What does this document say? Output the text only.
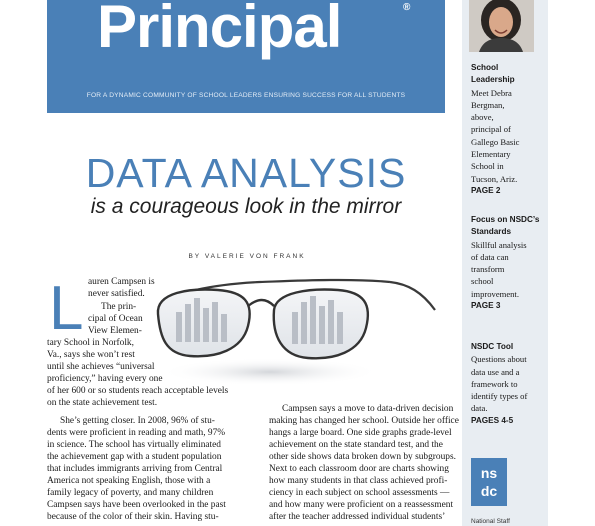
Principal	®
FOR A DYNAMIC COMMUNITY OF SCHOOL LEADERS ENSURING SUCCESS FOR ALL STUDENTS
DATA ANALYSIS
is a courageous look in the mirror
BY VALERIE VON FRANK
L auren Campsen is
never satisfied.
The prin-
cipal of Ocean
View Elemen-
tary School in Norfolk,
Va., says she won’t rest
until she achieves “universal
proficiency,” having every one
of her 600 or so students reach acceptable levels
on the state achievement test.
She’s getting closer. In 2008, 96% of stu-
dents were proficient in reading and math, 97%
in science. The school has virtually eliminated
the achievement gap with a student population
that includes immigrants arriving from Central
America not speaking English, those with a
family legacy of poverty, and many children
Campsen says have been overlooked in the past
because of the color of their skin. Having stu-
Campsen says a move to data-driven decision
making has changed her school. Outside her office
hangs a large board. One side graphs grade-level
achievement on the state standard test, and the
other side shows data broken down by subgroups.
Next to each classroom door are charts showing
how many students in that class achieved profi-
ciency in each subject on school assessments —
and how many were proficient on a reassessment
after the teacher addressed individual students’
School Leadership
Meet Debra
Bergman,
above,
principal of
Gallego Basic
Elementary
School in
Tucson, Ariz.
PAGE 2
Focus on NSDC’s Standards
Skillful analysis
of data can
transform
school
improvement.
PAGE 3
NSDC Tool
Questions about
data use and a
framework to
identify types of
data.
PAGES 4-5
ns
dc
National Staff
